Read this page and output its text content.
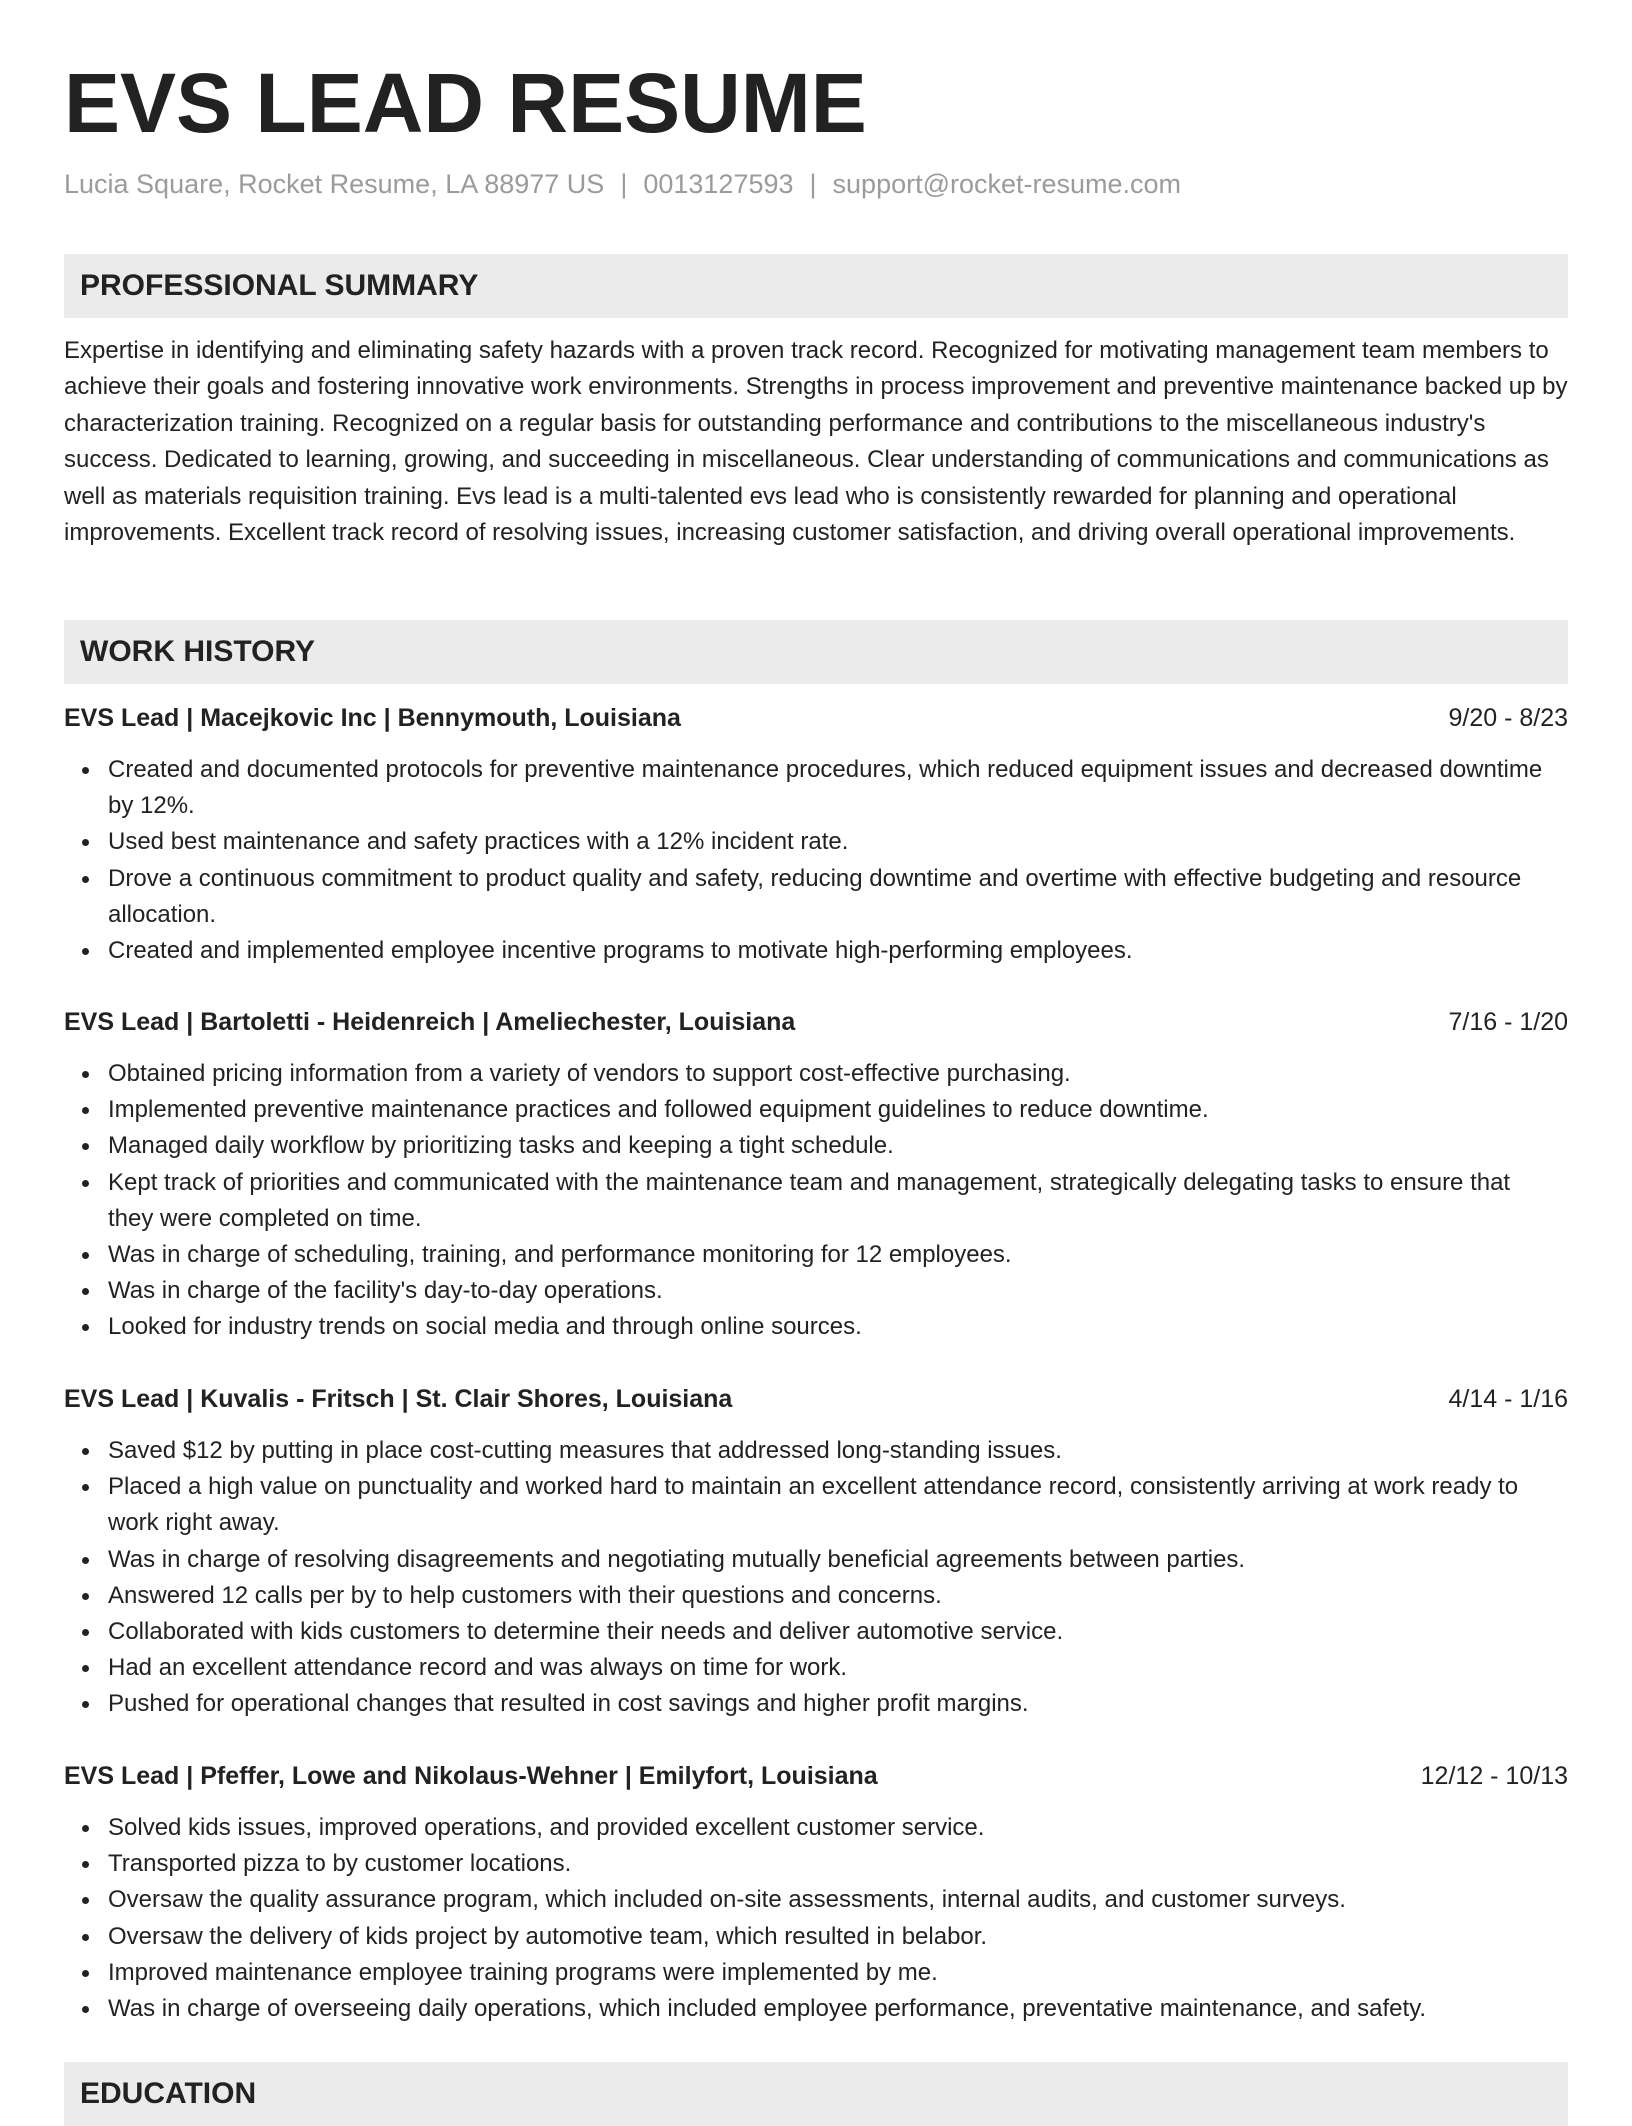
EVS LEAD RESUME
Lucia Square, Rocket Resume, LA 88977 US | 0013127593 | support@rocket-resume.com
PROFESSIONAL SUMMARY

Expertise in identifying and eliminating safety hazards with a proven track record. Recognized for motivating management team members to achieve their goals and fostering innovative work environments. Strengths in process improvement and preventive maintenance backed up by characterization training. Recognized on a regular basis for outstanding performance and contributions to the miscellaneous industry's success. Dedicated to learning, growing, and succeeding in miscellaneous. Clear understanding of communications and communications as well as materials requisition training. Evs lead is a multi-talented evs lead who is consistently rewarded for planning and operational improvements. Excellent track record of resolving issues, increasing customer satisfaction, and driving overall operational improvements.

WORK HISTORY
EVS Lead | Macejkovic Inc | Bennymouth, Louisiana	9/20 - 8/23
Created and documented protocols for preventive maintenance procedures, which reduced equipment issues and decreased downtime by 12%.
Used best maintenance and safety practices with a 12% incident rate.
Drove a continuous commitment to product quality and safety, reducing downtime and overtime with effective budgeting and resource allocation.
Created and implemented employee incentive programs to motivate high-performing employees.
EVS Lead | Bartoletti - Heidenreich | Ameliechester, Louisiana	7/16 - 1/20
Obtained pricing information from a variety of vendors to support cost-effective purchasing.
Implemented preventive maintenance practices and followed equipment guidelines to reduce downtime.
Managed daily workflow by prioritizing tasks and keeping a tight schedule.
Kept track of priorities and communicated with the maintenance team and management, strategically delegating tasks to ensure that they were completed on time.
Was in charge of scheduling, training, and performance monitoring for 12 employees.
Was in charge of the facility's day-to-day operations.
Looked for industry trends on social media and through online sources.
EVS Lead | Kuvalis - Fritsch | St. Clair Shores, Louisiana	4/14 - 1/16
Saved $12 by putting in place cost-cutting measures that addressed long-standing issues.
Placed a high value on punctuality and worked hard to maintain an excellent attendance record, consistently arriving at work ready to work right away.
Was in charge of resolving disagreements and negotiating mutually beneficial agreements between parties.
Answered 12 calls per by to help customers with their questions and concerns.
Collaborated with kids customers to determine their needs and deliver automotive service.
Had an excellent attendance record and was always on time for work.
Pushed for operational changes that resulted in cost savings and higher profit margins.
EVS Lead | Pfeffer, Lowe and Nikolaus-Wehner | Emilyfort, Louisiana	12/12 - 10/13
Solved kids issues, improved operations, and provided excellent customer service.
Transported pizza to by customer locations.
Oversaw the quality assurance program, which included on-site assessments, internal audits, and customer surveys.
Oversaw the delivery of kids project by automotive team, which resulted in belabor.
Improved maintenance employee training programs were implemented by me.
Was in charge of overseeing daily operations, which included employee performance, preventative maintenance, and safety.
EDUCATION
